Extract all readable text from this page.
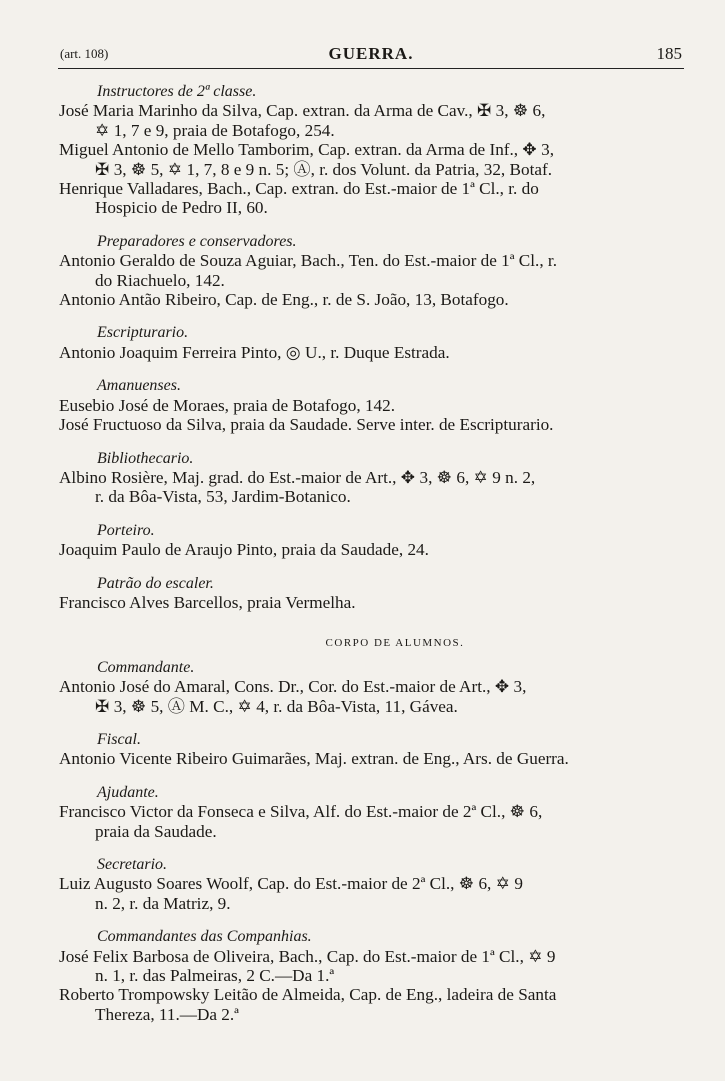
(art. 108)	GUERRA.	185
Instructores de 2ª classe.
José Maria Marinho da Silva, Cap. extran. da Arma de Cav., ✠ 3, ☸ 6,
✡ 1, 7 e 9, praia de Botafogo, 254.
Miguel Antonio de Mello Tamborim, Cap. extran. da Arma de Inf., ✥ 3,
✠ 3, ☸ 5, ✡ 1, 7, 8 e 9 n. 5; Ⓐ, r. dos Volunt. da Patria, 32, Botaf.
Henrique Valladares, Bach., Cap. extran. do Est.-maior de 1ª Cl., r. do
Hospicio de Pedro II, 60.
Preparadores e conservadores.
Antonio Geraldo de Souza Aguiar, Bach., Ten. do Est.-maior de 1ª Cl., r.
do Riachuelo, 142.
Antonio Antão Ribeiro, Cap. de Eng., r. de S. João, 13, Botafogo.
Escripturario.
Antonio Joaquim Ferreira Pinto, ◎ U., r. Duque Estrada.
Amanuenses.
Eusebio José de Moraes, praia de Botafogo, 142.
José Fructuoso da Silva, praia da Saudade. Serve inter. de Escripturario.
Bibliothecario.
Albino Rosière, Maj. grad. do Est.-maior de Art., ✥ 3, ☸ 6, ✡ 9 n. 2,
r. da Bôa-Vista, 53, Jardim-Botanico.
Porteiro.
Joaquim Paulo de Araujo Pinto, praia da Saudade, 24.
Patrão do escaler.
Francisco Alves Barcellos, praia Vermelha.
CORPO DE ALUMNOS.
Commandante.
Antonio José do Amaral, Cons. Dr., Cor. do Est.-maior de Art., ✥ 3,
✠ 3, ☸ 5, Ⓐ M. C., ✡ 4, r. da Bôa-Vista, 11, Gávea.
Fiscal.
Antonio Vicente Ribeiro Guimarães, Maj. extran. de Eng., Ars. de Guerra.
Ajudante.
Francisco Victor da Fonseca e Silva, Alf. do Est.-maior de 2ª Cl., ☸ 6,
praia da Saudade.
Secretario.
Luiz Augusto Soares Woolf, Cap. do Est.-maior de 2ª Cl., ☸ 6, ✡ 9
n. 2, r. da Matriz, 9.
Commandantes das Companhias.
José Felix Barbosa de Oliveira, Bach., Cap. do Est.-maior de 1ª Cl., ✡ 9
n. 1, r. das Palmeiras, 2 C.—Da 1.ª
Roberto Trompowsky Leitão de Almeida, Cap. de Eng., ladeira de Santa
Thereza, 11.—Da 2.ª
